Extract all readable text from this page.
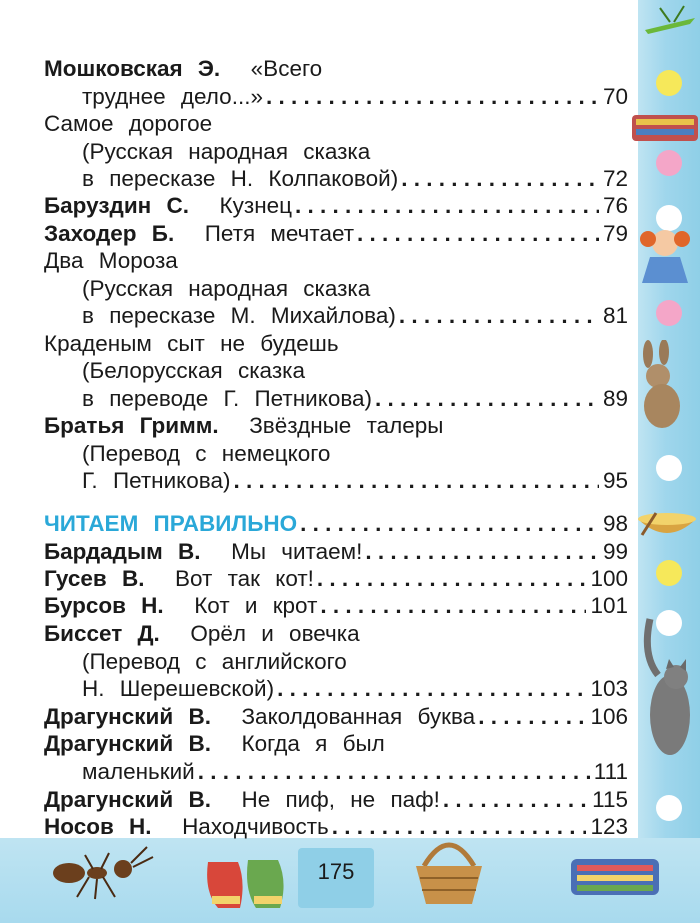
175
Мошковская Э. «Всего
труднее дело...» . . .	70
Самое дорогое
(Русская народная сказка
в пересказе Н. Колпаковой) . . .	72
Баруздин С. Кузнец . . .	76
Заходер Б. Петя мечтает . . .	79
Два Мороза
(Русская народная сказка
в пересказе М. Михайлова) . . .	81
Краденым сыт не будешь
(Белорусская сказка
в переводе Г. Петникова) . . .	89
Братья Гримм. Звёздные талеры
(Перевод с немецкого
Г. Петникова) . . .	95
ЧИТАЕМ ПРАВИЛЬНО . . .	98
Бардадым В. Мы читаем! . . .	99
Гусев В. Вот так кот! . . .	100
Бурсов Н. Кот и крот . . .	101
Биссет Д. Орёл и овечка
(Перевод с английского
Н. Шерешевской) . . .	103
Драгунский В. Заколдованная буква . . .	106
Драгунский В. Когда я был
маленький . . .	111
Драгунский В. Не пиф, не паф! . . .	115
Носов Н. Находчивость . . .	123
